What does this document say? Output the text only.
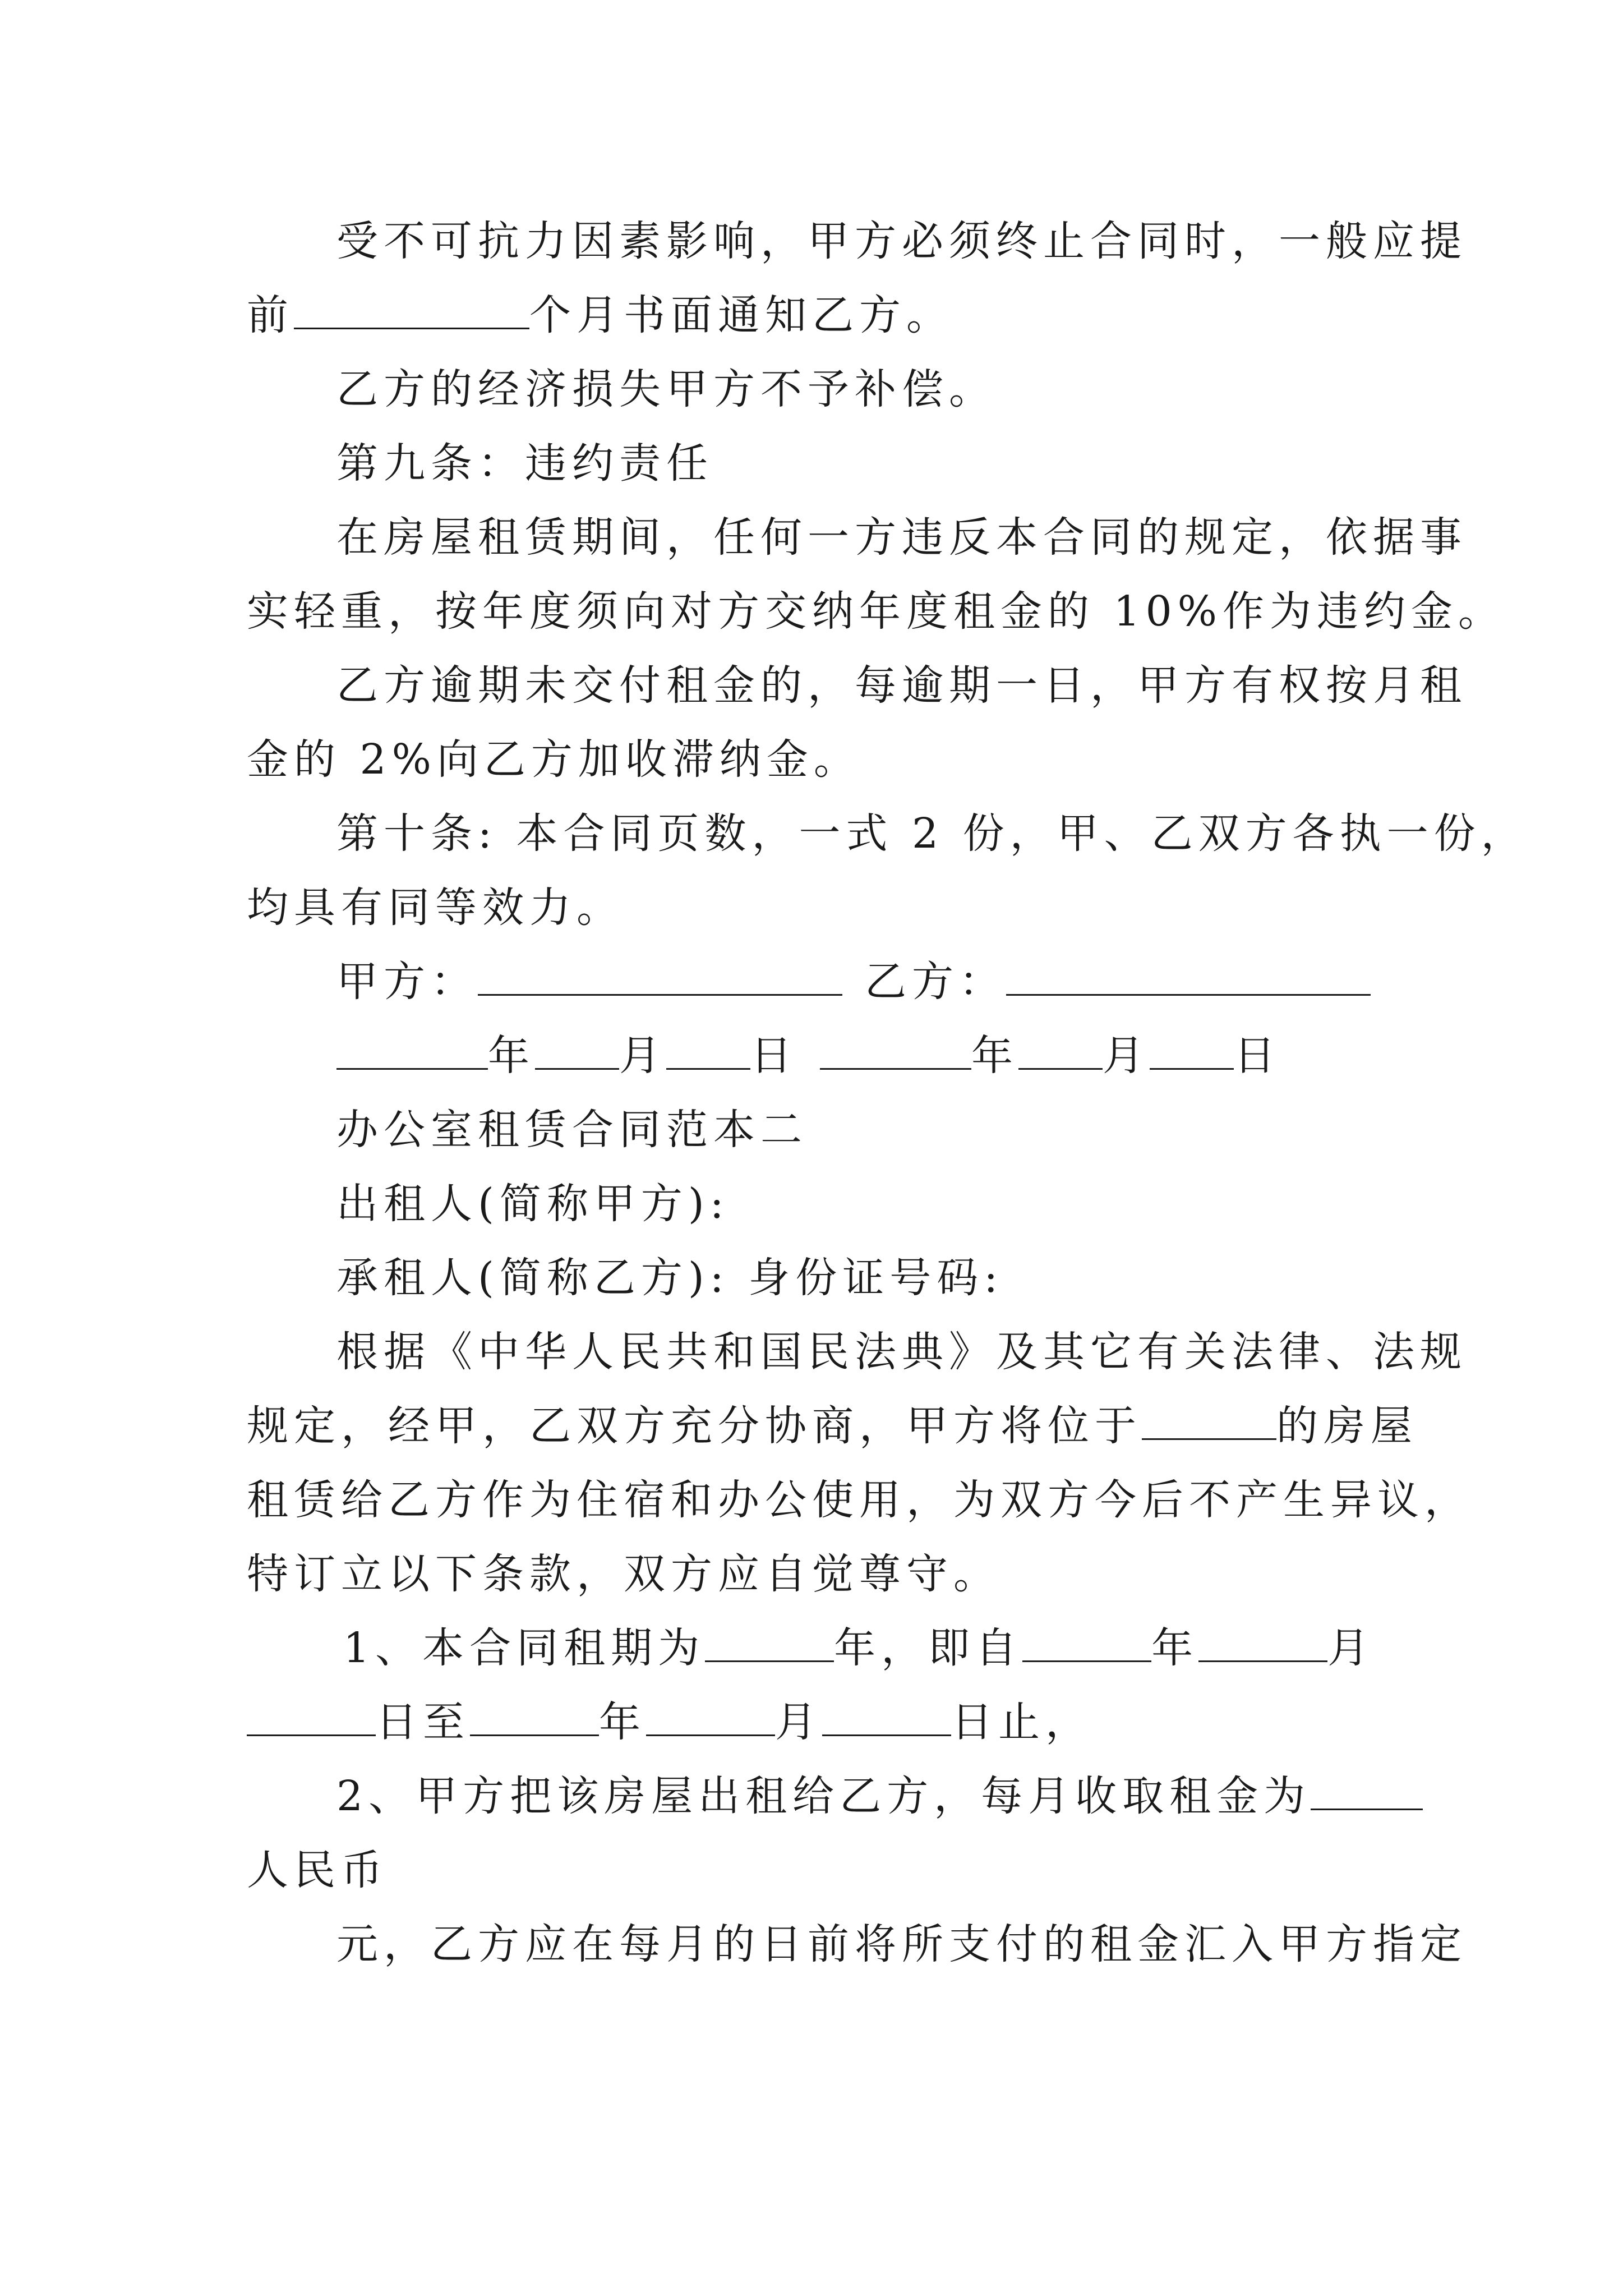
受不可抗力因素影响，甲方必须终止合同时，一般应提
前	个月书面通知乙方。
乙方的经济损失甲方不予补偿。
第九条：违约责任
在房屋租赁期间，任何一方违反本合同的规定，依据事
实轻重，按年度须向对方交纳年度租金的 10%作为违约金。
乙方逾期未交付租金的，每逾期一日，甲方有权按月租
金的 2%向乙方加收滞纳金。
第十条: 本合同页数，一式 2 份，甲、乙双方各执一份，
均具有同等效力。
甲方：	乙方：
年 月 日	年 月 日
办公室租赁合同范本二
出租人(简称甲方):
承租人(简称乙方): 身份证号码:
根据《中华人民共和国民法典》及其它有关法律、法规
规定，经甲，乙双方充分协商，甲方将位于	的房屋
租赁给乙方作为住宿和办公使用，为双方今后不产生异议，
特订立以下条款，双方应自觉尊守。
1、本合同租期为	年，即自	年	月
日至	年	月	日止，
2、甲方把该房屋出租给乙方，每月收取租金为
人民币
元，乙方应在每月的日前将所支付的租金汇入甲方指定
